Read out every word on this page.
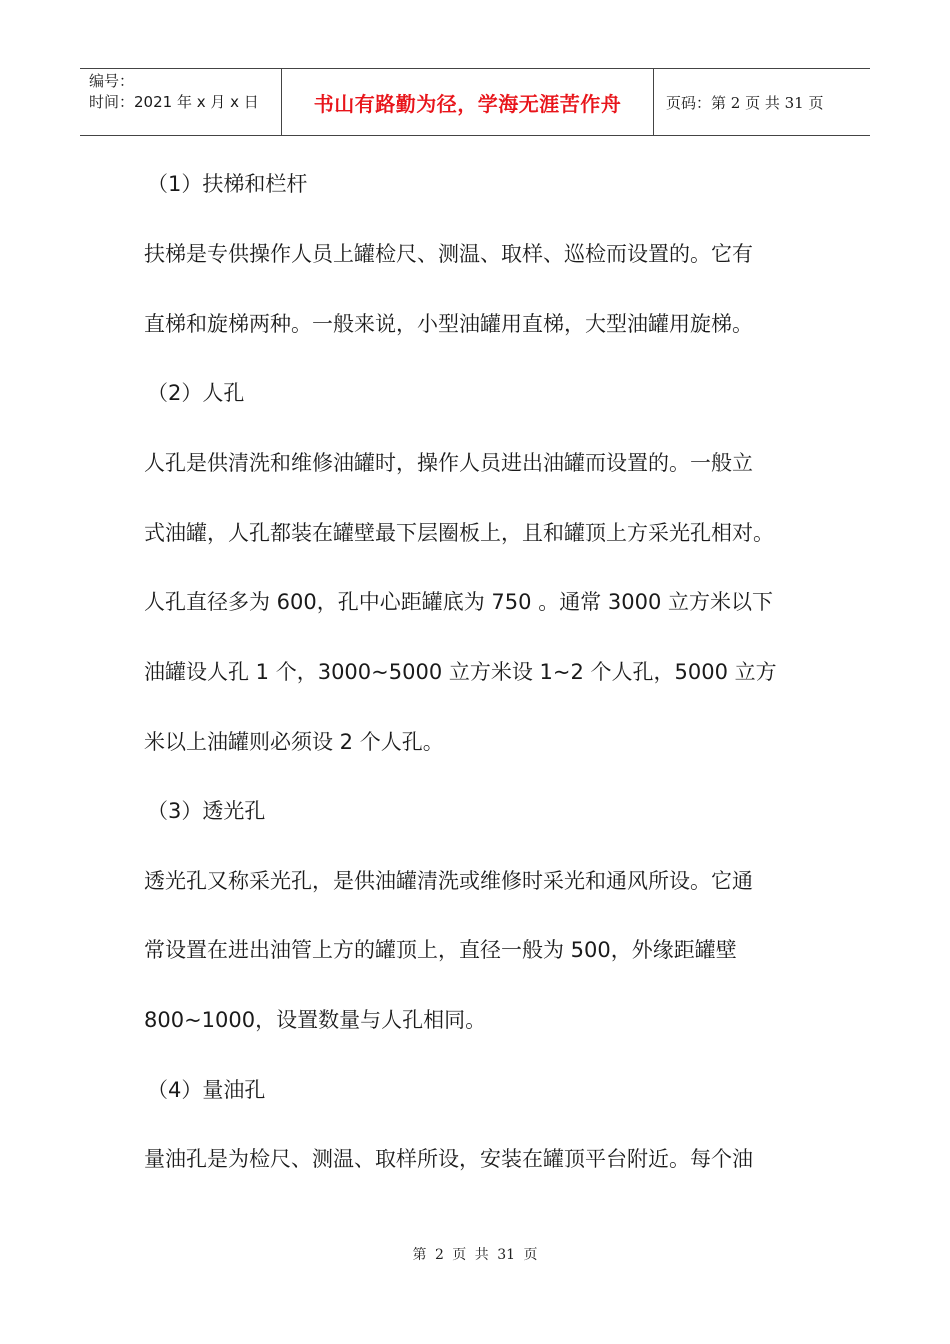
编号：
时间：2021 年 x 月 x 日	书山有路勤为径，学海无涯苦作舟	页码：第 2 页 共 31 页
（1）扶梯和栏杆
扶梯是专供操作人员上罐检尺、测温、取样、巡检而设置的。它有
直梯和旋梯两种。一般来说，小型油罐用直梯，大型油罐用旋梯。
（2）人孔
人孔是供清洗和维修油罐时，操作人员进出油罐而设置的。一般立
式油罐，人孔都装在罐壁最下层圈板上，且和罐顶上方采光孔相对。
人孔直径多为 600，孔中心距罐底为 750 。通常 3000 立方米以下
油罐设人孔 1 个，3000~5000 立方米设 1~2 个人孔，5000 立方
米以上油罐则必须设 2 个人孔。
（3）透光孔
透光孔又称采光孔，是供油罐清洗或维修时采光和通风所设。它通
常设置在进出油管上方的罐顶上，直径一般为 500，外缘距罐壁
800~1000，设置数量与人孔相同。
（4）量油孔
量油孔是为检尺、测温、取样所设，安装在罐顶平台附近。每个油
第 2 页 共 31 页
